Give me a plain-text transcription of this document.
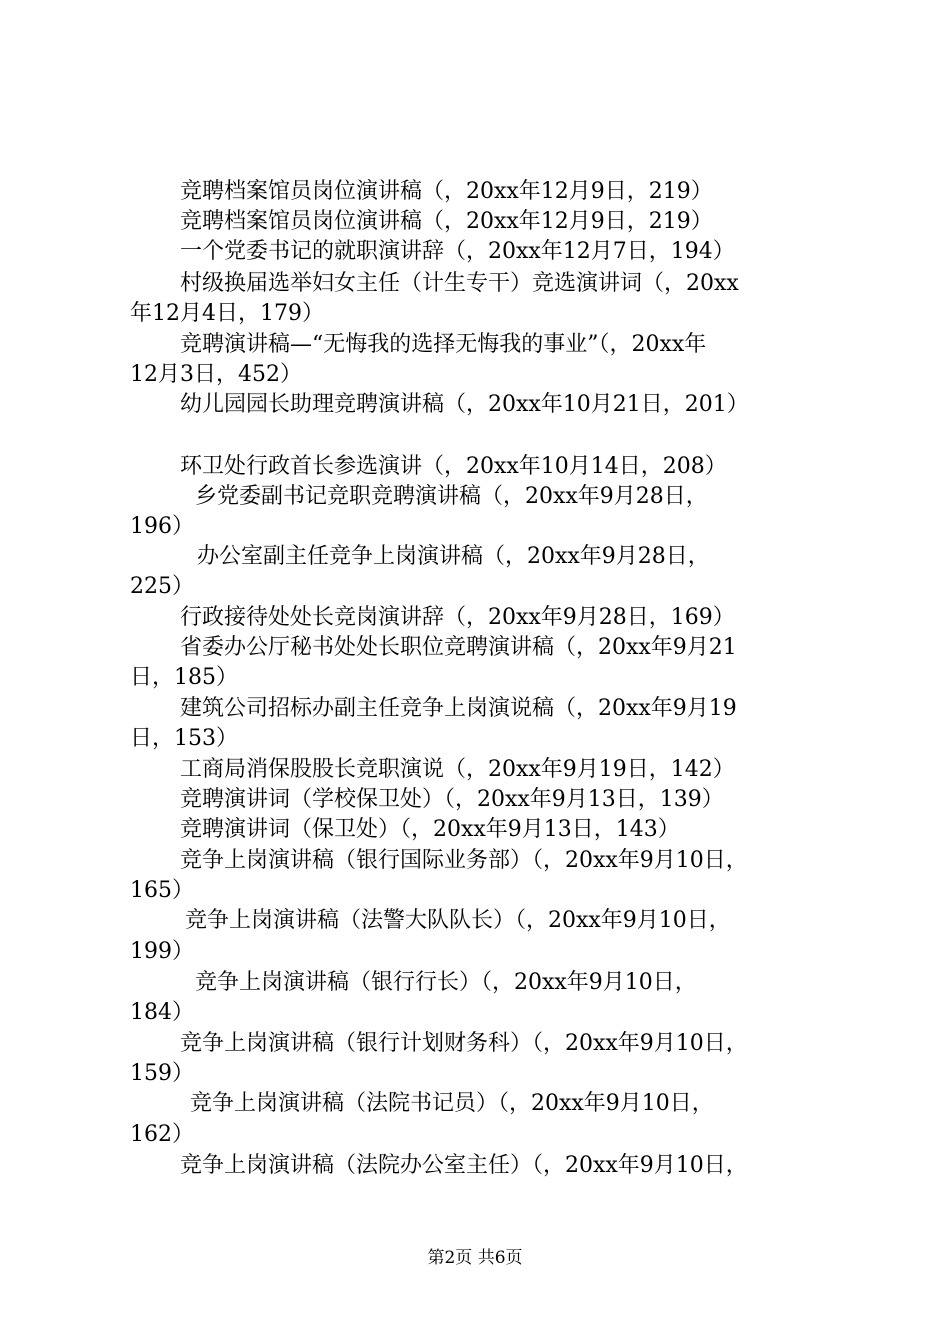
竞聘档案馆员岗位演讲稿（，20xx年12月9日，219）
竞聘档案馆员岗位演讲稿（，20xx年12月9日，219）
一个党委书记的就职演讲辞（，20xx年12月7日，194）
村级换届选举妇女主任（计生专干）竞选演讲词（，20xx
年12月4日，179）
竞聘演讲稿—“无悔我的选择无悔我的事业”（，20xx年
12月3日，452）
幼儿园园长助理竞聘演讲稿（，20xx年10月21日，201）
环卫处行政首长参选演讲（，20xx年10月14日，208）
乡党委副书记竞职竞聘演讲稿（，20xx年9月28日，
196）
办公室副主任竞争上岗演讲稿（，20xx年9月28日，
225）
行政接待处处长竞岗演讲辞（，20xx年9月28日，169）
省委办公厅秘书处处长职位竞聘演讲稿（，20xx年9月21
日，185）
建筑公司招标办副主任竞争上岗演说稿（，20xx年9月19
日，153）
工商局消保股股长竞职演说（，20xx年9月19日，142）
竞聘演讲词（学校保卫处）（，20xx年9月13日，139）
竞聘演讲词（保卫处）（，20xx年9月13日，143）
竞争上岗演讲稿（银行国际业务部）（，20xx年9月10日，
165）
竞争上岗演讲稿（法警大队队长）（，20xx年9月10日，
199）
竞争上岗演讲稿（银行行长）（，20xx年9月10日，
184）
竞争上岗演讲稿（银行计划财务科）（，20xx年9月10日，
159）
竞争上岗演讲稿（法院书记员）（，20xx年9月10日，
162）
竞争上岗演讲稿（法院办公室主任）（，20xx年9月10日，
第2页 共6页
